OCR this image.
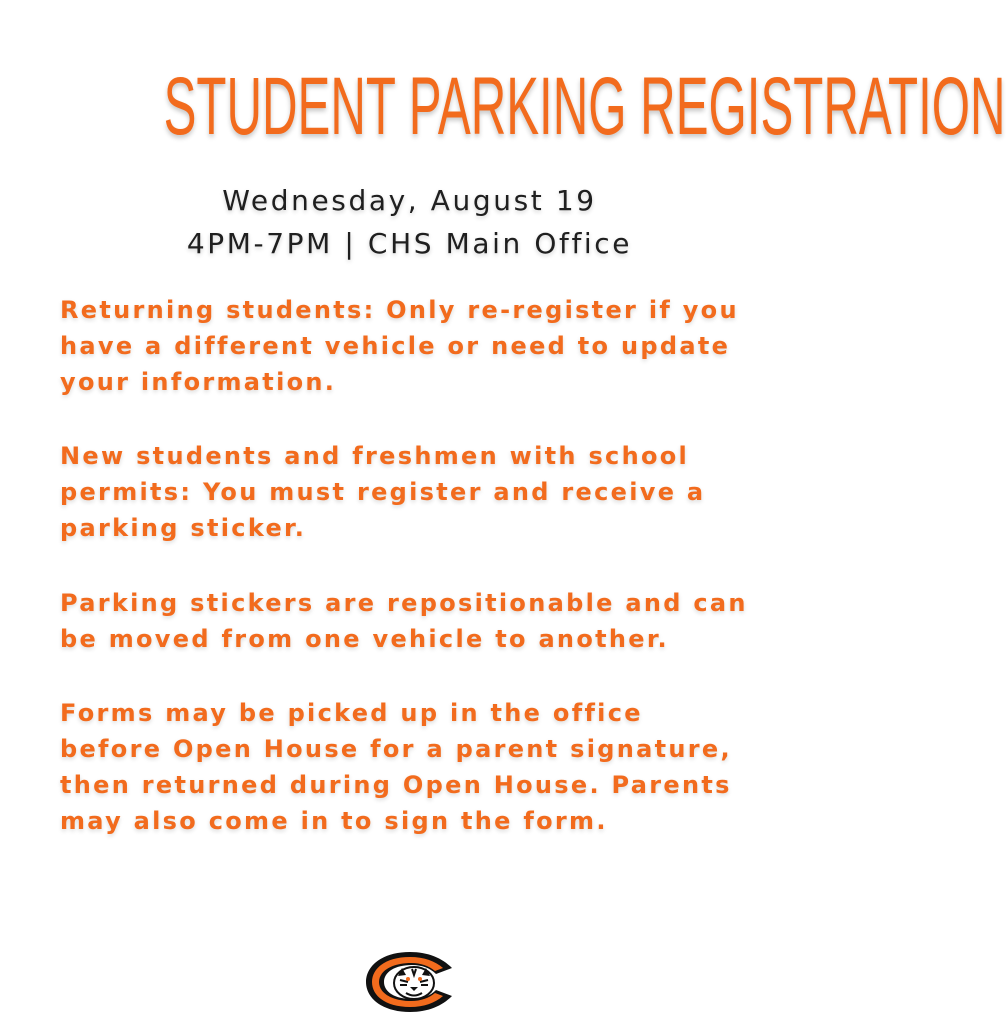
STUDENT PARKING REGISTRATION
Wednesday, August 19
4PM-7PM | CHS Main Office

Returning students: Only re-register if you
have a different vehicle or need to update
your information.

New students and freshmen with school
permits: You must register and receive a
parking sticker.

Parking stickers are repositionable and can
be moved from one vehicle to another.

Forms may be picked up in the office
before Open House for a parent signature,
then returned during Open House. Parents
may also come in to sign the form.
